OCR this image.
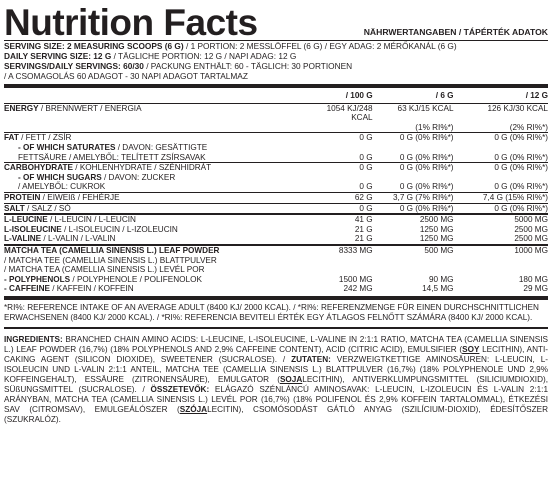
Nutrition Facts	NÄHRWERTANGABEN / TÁPÉRTÉK ADATOK
SERVING SIZE: 2 MEASURING SCOOPS (6 G) / 1 PORTION: 2 MESSLÖFFEL (6 G) / EGY ADAG: 2 MÉRŐKANÁL (6 G)
DAILY SERVING SIZE: 12 G / TÄGLICHE PORTION: 12 G / NAPI ADAG: 12 G
SERVINGS/DAILY SERVINGS: 60/30 / PACKUNG ENTHÄLT: 60 - TÄGLICH: 30 PORTIONEN
/ A CSOMAGOLÁS 60 ADAGOT - 30 NAPI ADAGOT TARTALMAZ
	/ 100 G	/ 6 G	/ 12 G
ENERGY / BRENNWERT / ENERGIA	1054 KJ/248 KCAL	63 KJ/15 KCAL	126 KJ/30 KCAL
		(1% RI%*)	(2% RI%*)
FAT / FETT / ZSÍR	0 G	0 G (0% RI%*)	0 G (0% RI%*)
- OF WHICH SATURATES / DAVON: GESÄTTIGTE			
FETTSÄURE / AMELYBŐL: TELÍTETT ZSÍRSAVAK	0 G	0 G (0% RI%*)	0 G (0% RI%*)
CARBOHYDRATE / KOHLENHYDRATE / SZÉNHIDRÁT	0 G	0 G (0% RI%*)	0 G (0% RI%*)
- OF WHICH SUGARS / DAVON: ZUCKER			
/ AMELYBŐL: CUKROK	0 G	0 G (0% RI%*)	0 G (0% RI%*)
PROTEIN / EIWEIß / FEHÉRJE	62 G	3,7 G (7% RI%*)	7,4 G (15% RI%*)
SALT / SALZ / SÓ	0 G	0 G (0% RI%*)	0 G (0% RI%*)
L-LEUCINE / L-LEUCIN / L-LEUCIN	41 G	2500 MG	5000 MG
L-ISOLEUCINE / L-ISOLEUCIN / L-IZOLEUCIN	21 G	1250 MG	2500 MG
L-VALINE / L-VALIN / L-VALIN	21 G	1250 MG	2500 MG
MATCHA TEA (CAMELLIA SINENSIS L.) LEAF POWDER	8333 MG	500 MG	1000 MG
/ MATCHA TEE (CAMELLIA SINENSIS L.) BLATTPULVER			
/ MATCHA TEA (CAMELLIA SINENSIS L.) LEVÉL POR			
- POLYPHENOLS / POLYPHENOLE / POLIFENOLOK	1500 MG	90 MG	180 MG
- CAFFEINE / KAFFEIN / KOFFEIN	242 MG	14,5 MG	29 MG
*RI%: REFERENCE INTAKE OF AN AVERAGE ADULT (8400 KJ/ 2000 KCAL). / *RI%: REFERENZMENGE FÜR EINEN DURCHSCHNITTLICHEN ERWACHSENEN (8400 KJ/ 2000 KCAL). / *RI%: REFERENCIA BEVITELI ÉRTÉK EGY ÁTLAGOS FELNŐTT SZÁMÁRA (8400 KJ/ 2000 KCAL).
INGREDIENTS: BRANCHED CHAIN AMINO ACIDS: L-LEUCINE, L-ISOLEUCINE, L-VALINE IN 2:1:1 RATIO, MATCHA TEA (CAMELLIA SINENSIS L.) LEAF POWDER (16,7%) (18% POLYPHENOLS AND 2,9% CAFFEINE CONTENT), ACID (CITRIC ACID), EMULSIFIER (SOY LECITHIN), ANTI-CAKING AGENT (SILICON DIOXIDE), SWEETENER (SUCRALOSE). / ZUTATEN: VERZWEIGTKETTIGE AMINOSÄUREN: L-LEUCIN, L-ISOLEUCIN UND L-VALIN 2:1:1 ANTEIL, MATCHA TEE (CAMELLIA SINENSIS L.) BLATTPULVER (16,7%) (18% POLYPHENOLE UND 2,9% KOFFEINGEHALT), ESSÄURE (ZITRONENSÄURE), EMULGATOR (SOJALECITHIN), ANTIVERKLUMPUNGSMITTEL (SILICIUMDIOXID), SÜßUNGSMITTEL (SUCRALOSE). / ÖSSZETEVŐK: ELÁGAZÓ SZÉNLÁNCÚ AMINOSAVAK: L-LEUCIN, L-IZOLEUCIN ÉS L-VALIN 2:1:1 ARÁNYBAN, MATCHA TEA (CAMELLIA SINENSIS L.) LEVÉL POR (16,7%) (18% POLIFENOL ÉS 2,9% KOFFEIN TARTALOMMAL), ÉTKEZÉSI SAV (CITROMSAV), EMULGEÁLÓSZER (SZÓJALECITIN), CSOMÓSODÁST GÁTLÓ ANYAG (SZILÍCIUM-DIOXID), ÉDESÍTŐSZER (SZUKRALÓZ).
